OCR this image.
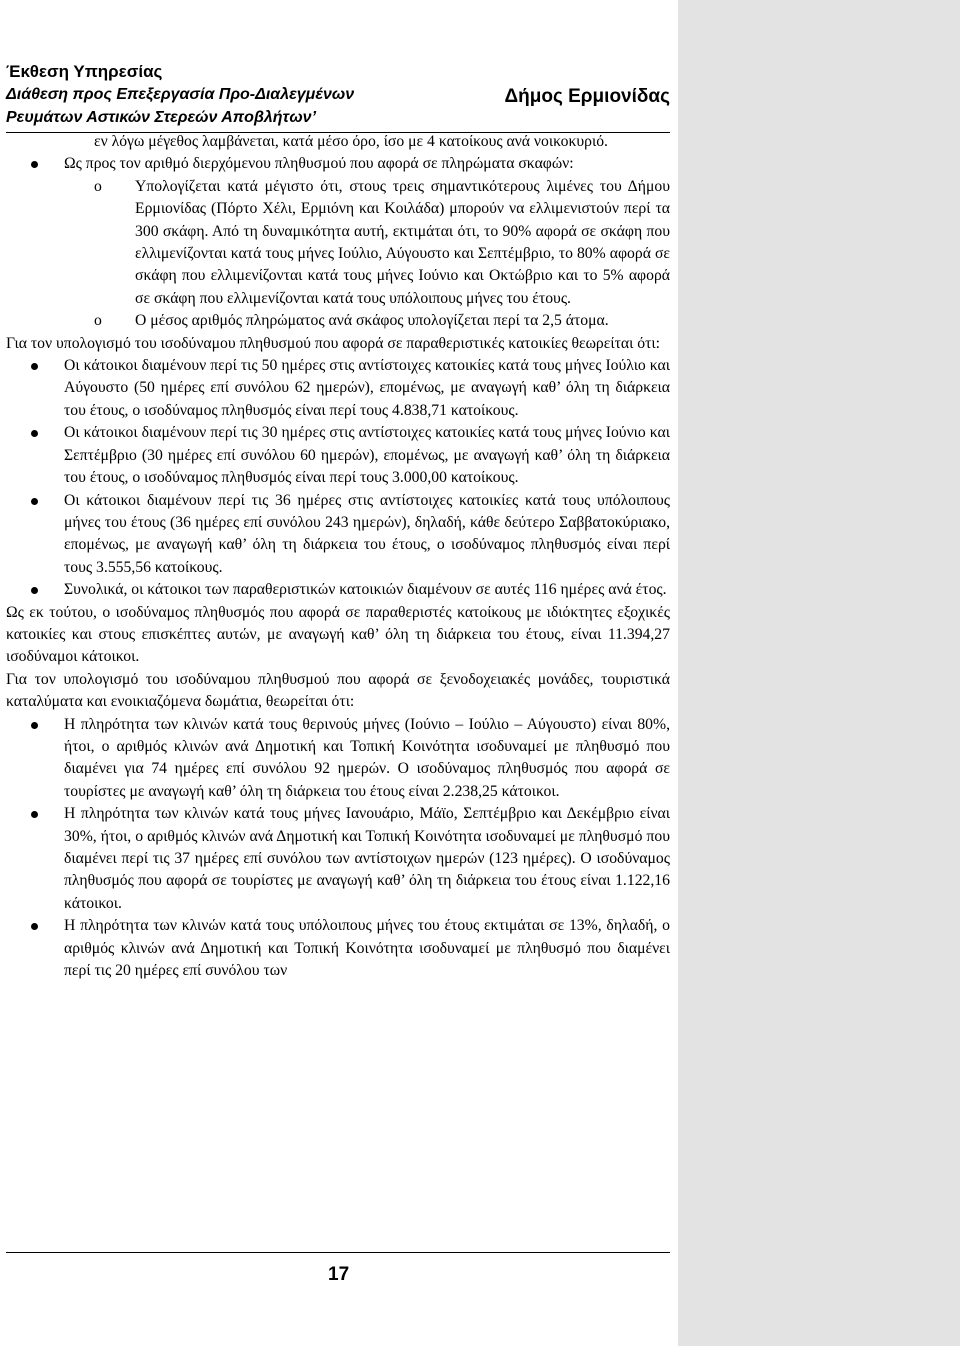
Έκθεση Υπηρεσίας
Διάθεση προς Επεξεργασία Προ-Διαλεγμένων
Ρευμάτων Αστικών Στερεών Αποβλήτων’
Δήμος Ερμιονίδας

εν λόγω μέγεθος λαμβάνεται, κατά μέσο όρο, ίσο με 4 κατοίκους ανά νοικοκυριό.

Ως προς τον αριθμό διερχόμενου πληθυσμού που αφορά σε πληρώματα σκαφών:
o Υπολογίζεται κατά μέγιστο ότι, στους τρεις σημαντικότερους λιμένες του Δήμου Ερμιονίδας (Πόρτο Χέλι, Ερμιόνη και Κοιλάδα) μπορούν να ελλιμενιστούν περί τα 300 σκάφη. Από τη δυναμικότητα αυτή, εκτιμάται ότι, το 90% αφορά σε σκάφη που ελλιμενίζονται κατά τους μήνες Ιούλιο, Αύγουστο και Σεπτέμβριο, το 80% αφορά σε σκάφη που ελλιμενίζονται κατά τους μήνες Ιούνιο και Οκτώβριο και το 5% αφορά σε σκάφη που ελλιμενίζονται κατά τους υπόλοιπους μήνες του έτους.
o Ο μέσος αριθμός πληρώματος ανά σκάφος υπολογίζεται περί τα 2,5 άτομα.

Για τον υπολογισμό του ισοδύναμου πληθυσμού που αφορά σε παραθεριστικές κατοικίες θεωρείται ότι:

Οι κάτοικοι διαμένουν περί τις 50 ημέρες στις αντίστοιχες κατοικίες κατά τους μήνες Ιούλιο και Αύγουστο (50 ημέρες επί συνόλου 62 ημερών), επομένως, με αναγωγή καθ’ όλη τη διάρκεια του έτους, ο ισοδύναμος πληθυσμός είναι περί τους 4.838,71 κατοίκους.
Οι κάτοικοι διαμένουν περί τις 30 ημέρες στις αντίστοιχες κατοικίες κατά τους μήνες Ιούνιο και Σεπτέμβριο (30 ημέρες επί συνόλου 60 ημερών), επομένως, με αναγωγή καθ’ όλη τη διάρκεια του έτους, ο ισοδύναμος πληθυσμός είναι περί τους 3.000,00 κατοίκους.
Οι κάτοικοι διαμένουν περί τις 36 ημέρες στις αντίστοιχες κατοικίες κατά τους υπόλοιπους μήνες του έτους (36 ημέρες επί συνόλου 243 ημερών), δηλαδή, κάθε δεύτερο Σαββατοκύριακο, επομένως, με αναγωγή καθ’ όλη τη διάρκεια του έτους, ο ισοδύναμος πληθυσμός είναι περί τους 3.555,56 κατοίκους.
Συνολικά, οι κάτοικοι των παραθεριστικών κατοικιών διαμένουν σε αυτές 116 ημέρες ανά έτος.

Ως εκ τούτου, ο ισοδύναμος πληθυσμός που αφορά σε παραθεριστές κατοίκους με ιδιόκτητες εξοχικές κατοικίες και στους επισκέπτες αυτών, με αναγωγή καθ’ όλη τη διάρκεια του έτους, είναι 11.394,27 ισοδύναμοι κάτοικοι.

Για τον υπολογισμό του ισοδύναμου πληθυσμού που αφορά σε ξενοδοχειακές μονάδες, τουριστικά καταλύματα και ενοικιαζόμενα δωμάτια, θεωρείται ότι:

Η πληρότητα των κλινών κατά τους θερινούς μήνες (Ιούνιο – Ιούλιο – Αύγουστο) είναι 80%, ήτοι, ο αριθμός κλινών ανά Δημοτική και Τοπική Κοινότητα ισοδυναμεί με πληθυσμό που διαμένει για 74 ημέρες επί συνόλου 92 ημερών. Ο ισοδύναμος πληθυσμός που αφορά σε τουρίστες με αναγωγή καθ’ όλη τη διάρκεια του έτους είναι 2.238,25 κάτοικοι.
Η πληρότητα των κλινών κατά τους μήνες Ιανουάριο, Μάϊο, Σεπτέμβριο και Δεκέμβριο είναι 30%, ήτοι, ο αριθμός κλινών ανά Δημοτική και Τοπική Κοινότητα ισοδυναμεί με πληθυσμό που διαμένει περί τις 37 ημέρες επί συνόλου των αντίστοιχων ημερών (123 ημέρες). Ο ισοδύναμος πληθυσμός που αφορά σε τουρίστες με αναγωγή καθ’ όλη τη διάρκεια του έτους είναι 1.122,16 κάτοικοι.
Η πληρότητα των κλινών κατά τους υπόλοιπους μήνες του έτους εκτιμάται σε 13%, δηλαδή, ο αριθμός κλινών ανά Δημοτική και Τοπική Κοινότητα ισοδυναμεί με πληθυσμό που διαμένει περί τις 20 ημέρες επί συνόλου των
17
